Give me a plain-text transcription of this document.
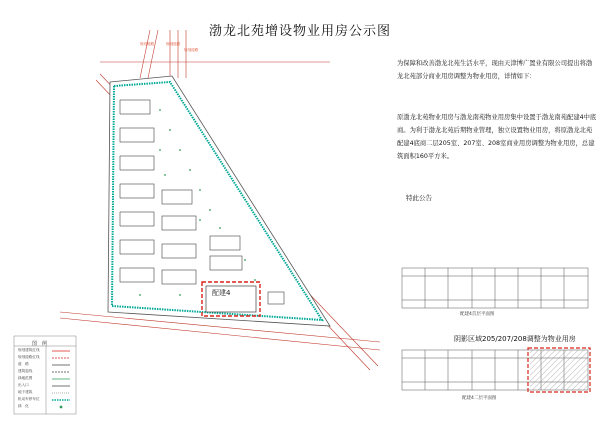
渤龙北苑增设物业用房公示图
为保障和改善渤龙北苑生活水平，现由天津博广置业有限公司提出将渤龙北苑部分商业用房调整为物业用房，详情如下：
原渤龙北苑物业用房与渤龙南苑物业用房集中设置于渤龙南苑配建4中底商。为利于渤龙北苑后期物业管理，独立设置物业用房，将原渤龙北苑配建4底商二层205室、207室、208室商业用房调整为物业用房，总建筑面积160平方米。
特此公告
配建4
阴影区域205/207/208调整为物业用房
配建4首层平面图
配建4二层平面图
图　例
规划建筑红线
规划道路红线
道　路
建筑退线
绿地范围
出入口
地下建筑
机动车停车位
绿　化
规划道路	规划道路
规划道路
